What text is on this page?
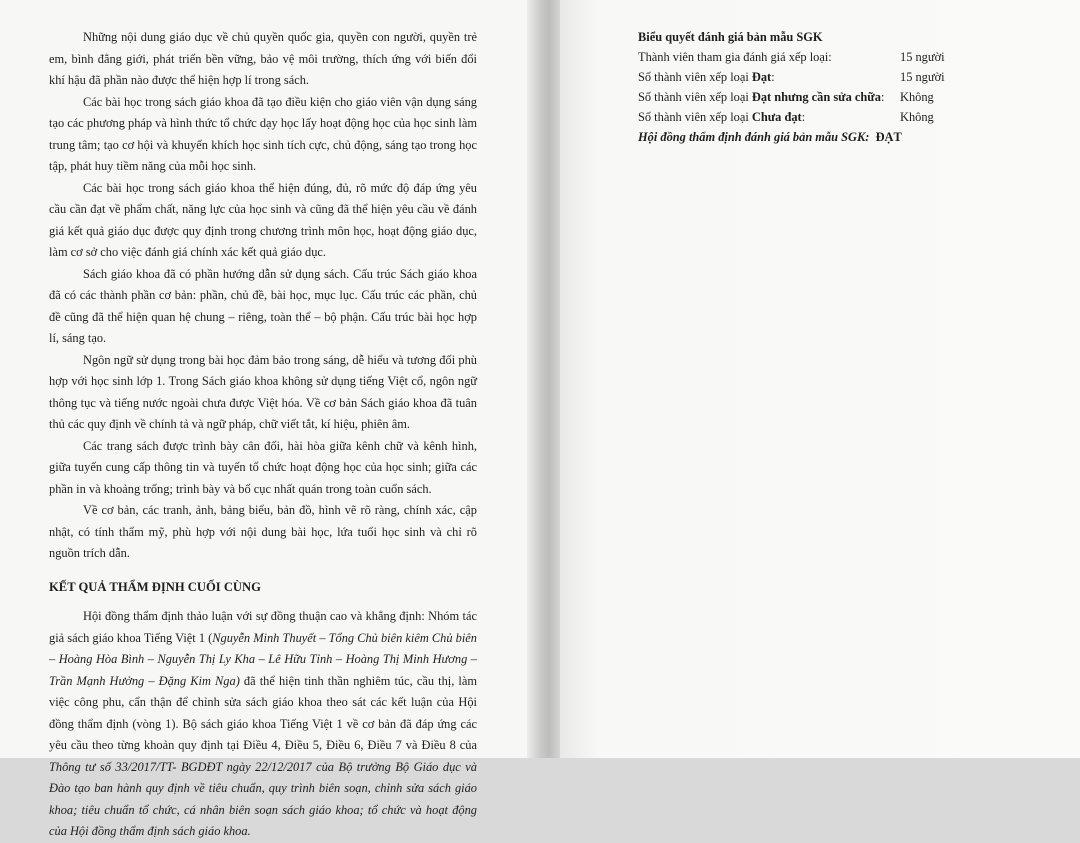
Những nội dung giáo dục về chủ quyền quốc gia, quyền con người, quyền trẻ em, bình đẳng giới, phát triển bền vững, bảo vệ môi trường, thích ứng với biến đổi khí hậu đã phần nào được thể hiện hợp lí trong sách.

Các bài học trong sách giáo khoa đã tạo điều kiện cho giáo viên vận dụng sáng tạo các phương pháp và hình thức tổ chức dạy học lấy hoạt động học của học sinh làm trung tâm; tạo cơ hội và khuyến khích học sinh tích cực, chủ động, sáng tạo trong học tập, phát huy tiềm năng của mỗi học sinh.

Các bài học trong sách giáo khoa thể hiện đúng, đủ, rõ mức độ đáp ứng yêu cầu cần đạt về phẩm chất, năng lực của học sinh và cũng đã thể hiện yêu cầu về đánh giá kết quả giáo dục được quy định trong chương trình môn học, hoạt động giáo dục, làm cơ sở cho việc đánh giá chính xác kết quả giáo dục.

Sách giáo khoa đã có phần hướng dẫn sử dụng sách. Cấu trúc Sách giáo khoa đã có các thành phần cơ bản: phần, chủ đề, bài học, mục lục. Cấu trúc các phần, chủ đề cũng đã thể hiện quan hệ chung – riêng, toàn thể – bộ phận. Cấu trúc bài học hợp lí, sáng tạo.

Ngôn ngữ sử dụng trong bài học đảm bảo trong sáng, dễ hiểu và tương đối phù hợp với học sinh lớp 1. Trong Sách giáo khoa không sử dụng tiếng Việt cổ, ngôn ngữ thông tục và tiếng nước ngoài chưa được Việt hóa. Về cơ bản Sách giáo khoa đã tuân thủ các quy định về chính tả và ngữ pháp, chữ viết tắt, kí hiệu, phiên âm.

Các trang sách được trình bày cân đối, hài hòa giữa kênh chữ và kênh hình, giữa tuyến cung cấp thông tin và tuyến tổ chức hoạt động học của học sinh; giữa các phần in và khoảng trống; trình bày và bố cục nhất quán trong toàn cuốn sách.

Về cơ bản, các tranh, ảnh, bảng biểu, bản đồ, hình vẽ rõ ràng, chính xác, cập nhật, có tính thẩm mỹ, phù hợp với nội dung bài học, lứa tuổi học sinh và chỉ rõ nguồn trích dẫn.

KẾT QUẢ THẨM ĐỊNH CUỐI CÙNG

Hội đồng thẩm định thảo luận với sự đồng thuận cao và khẳng định: Nhóm tác giả sách giáo khoa Tiếng Việt 1 (Nguyễn Minh Thuyết – Tổng Chủ biên kiêm Chủ biên – Hoàng Hòa Bình – Nguyễn Thị Ly Kha – Lê Hữu Tỉnh – Hoàng Thị Minh Hương – Trần Mạnh Hưởng – Đặng Kim Nga) đã thể hiện tinh thần nghiêm túc, cầu thị, làm việc công phu, cẩn thận để chỉnh sửa sách giáo khoa theo sát các kết luận của Hội đồng thẩm định (vòng 1). Bộ sách giáo khoa Tiếng Việt 1 về cơ bản đã đáp ứng các yêu cầu theo từng khoản quy định tại Điều 4, Điều 5, Điều 6, Điều 7 và Điều 8 của Thông tư số 33/2017/TT- BGDĐT ngày 22/12/2017 của Bộ trưởng Bộ Giáo dục và Đào tạo ban hành quy định về tiêu chuẩn, quy trình biên soạn, chỉnh sửa sách giáo khoa; tiêu chuẩn tổ chức, cá nhân biên soạn sách giáo khoa; tổ chức và hoạt động của Hội đồng thẩm định sách giáo khoa.

Biểu quyết đánh giá bản mẫu SGK

Thành viên tham gia đánh giá xếp loại:	15 người
Số thành viên xếp loại Đạt:	15 người
Số thành viên xếp loại Đạt nhưng cần sửa chữa: Không
Số thành viên xếp loại Chưa đạt:	Không

Hội đồng thẩm định đánh giá bản mẫu SGK: ĐẠT
